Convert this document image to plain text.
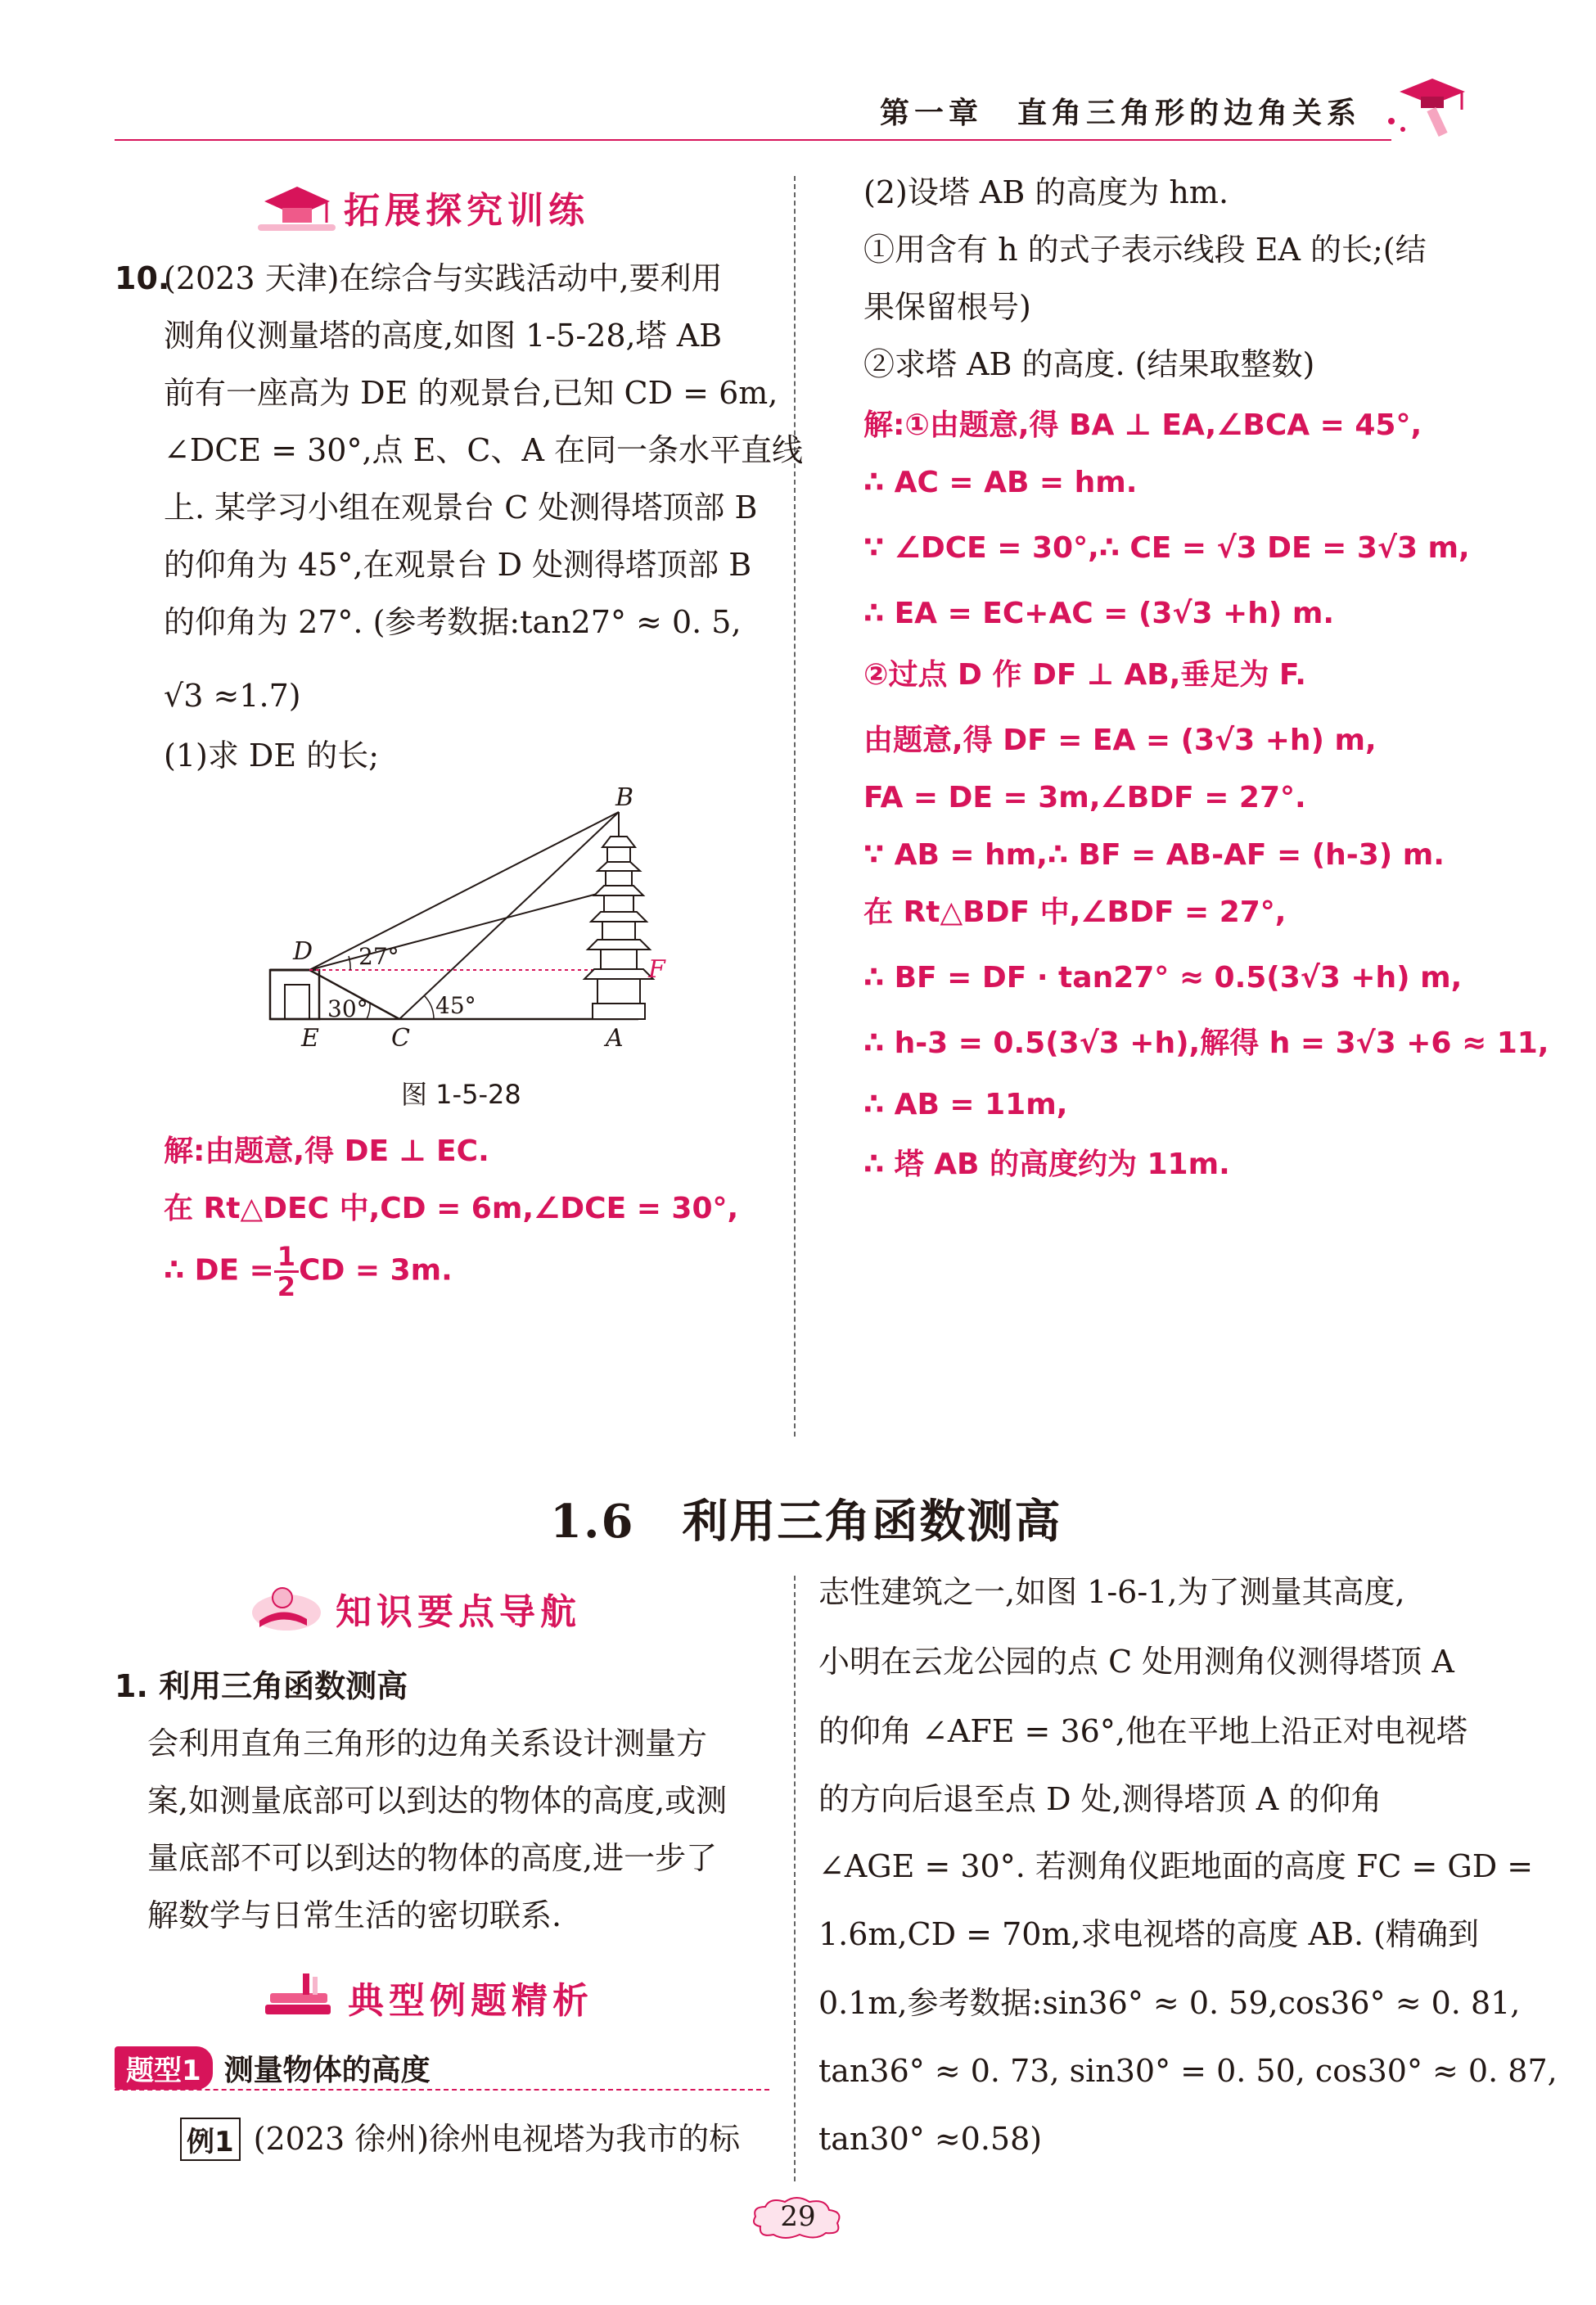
第一章　直角三角形的边角关系
拓展探究训练
10.
(2023 天津)在综合与实践活动中,要利用
测角仪测量塔的高度,如图 1-5-28,塔 AB
前有一座高为 DE 的观景台,已知 CD = 6m,
∠DCE = 30°,点 E、C、A 在同一条水平直线
上. 某学习小组在观景台 C 处测得塔顶部 B
的仰角为 45°,在观景台 D 处测得塔顶部 B
的仰角为 27°. (参考数据:tan27° ≈ 0. 5,
√3 ≈1.7)
(1)求 DE 的长;
B
D
F
E	C	A
27°
45°
30°
图 1-5-28
解:由题意,得 DE ⊥ EC.
在 Rt△DEC 中,CD = 6m,∠DCE = 30°,
∴ DE = $\frac{1}{2}$ CD = 3m.
(2)设塔 AB 的高度为 hm.
①用含有 h 的式子表示线段 EA 的长;(结
果保留根号)
②求塔 AB 的高度. (结果取整数)
解:①由题意,得 BA ⊥ EA,∠BCA = 45°,
∴ AC = AB = hm.
∵ ∠DCE = 30°,∴ CE = √3 DE = 3√3 m,
∴ EA = EC+AC = (3√3 +h) m.
②过点 D 作 DF ⊥ AB,垂足为 F.
由题意,得 DF = EA = (3√3 +h) m,
FA = DE = 3m,∠BDF = 27°.
∵ AB = hm,∴ BF = AB-AF = (h-3) m.
在 Rt△BDF 中,∠BDF = 27°,
∴ BF = DF · tan27° ≈ 0.5(3√3 +h) m,
∴ h-3 = 0.5(3√3 +h),解得 h = 3√3 +6 ≈ 11,
∴ AB = 11m,
∴ 塔 AB 的高度约为 11m.
1.6　利用三角函数测高
知识要点导航
1. 利用三角函数测高
会利用直角三角形的边角关系设计测量方
案,如测量底部可以到达的物体的高度,或测
量底部不可以到达的物体的高度,进一步了
解数学与日常生活的密切联系.
典型例题精析
题型1 测量物体的高度
例1 (2023 徐州)徐州电视塔为我市的标
志性建筑之一,如图 1-6-1,为了测量其高度,
小明在云龙公园的点 C 处用测角仪测得塔顶 A
的仰角 ∠AFE = 36°,他在平地上沿正对电视塔
的方向后退至点 D 处,测得塔顶 A 的仰角
∠AGE = 30°. 若测角仪距地面的高度 FC = GD =
1.6m,CD = 70m,求电视塔的高度 AB. (精确到
0.1m,参考数据:sin36° ≈ 0. 59,cos36° ≈ 0. 81,
tan36° ≈ 0. 73, sin30° = 0. 50, cos30° ≈ 0. 87,
tan30° ≈0.58)
29
